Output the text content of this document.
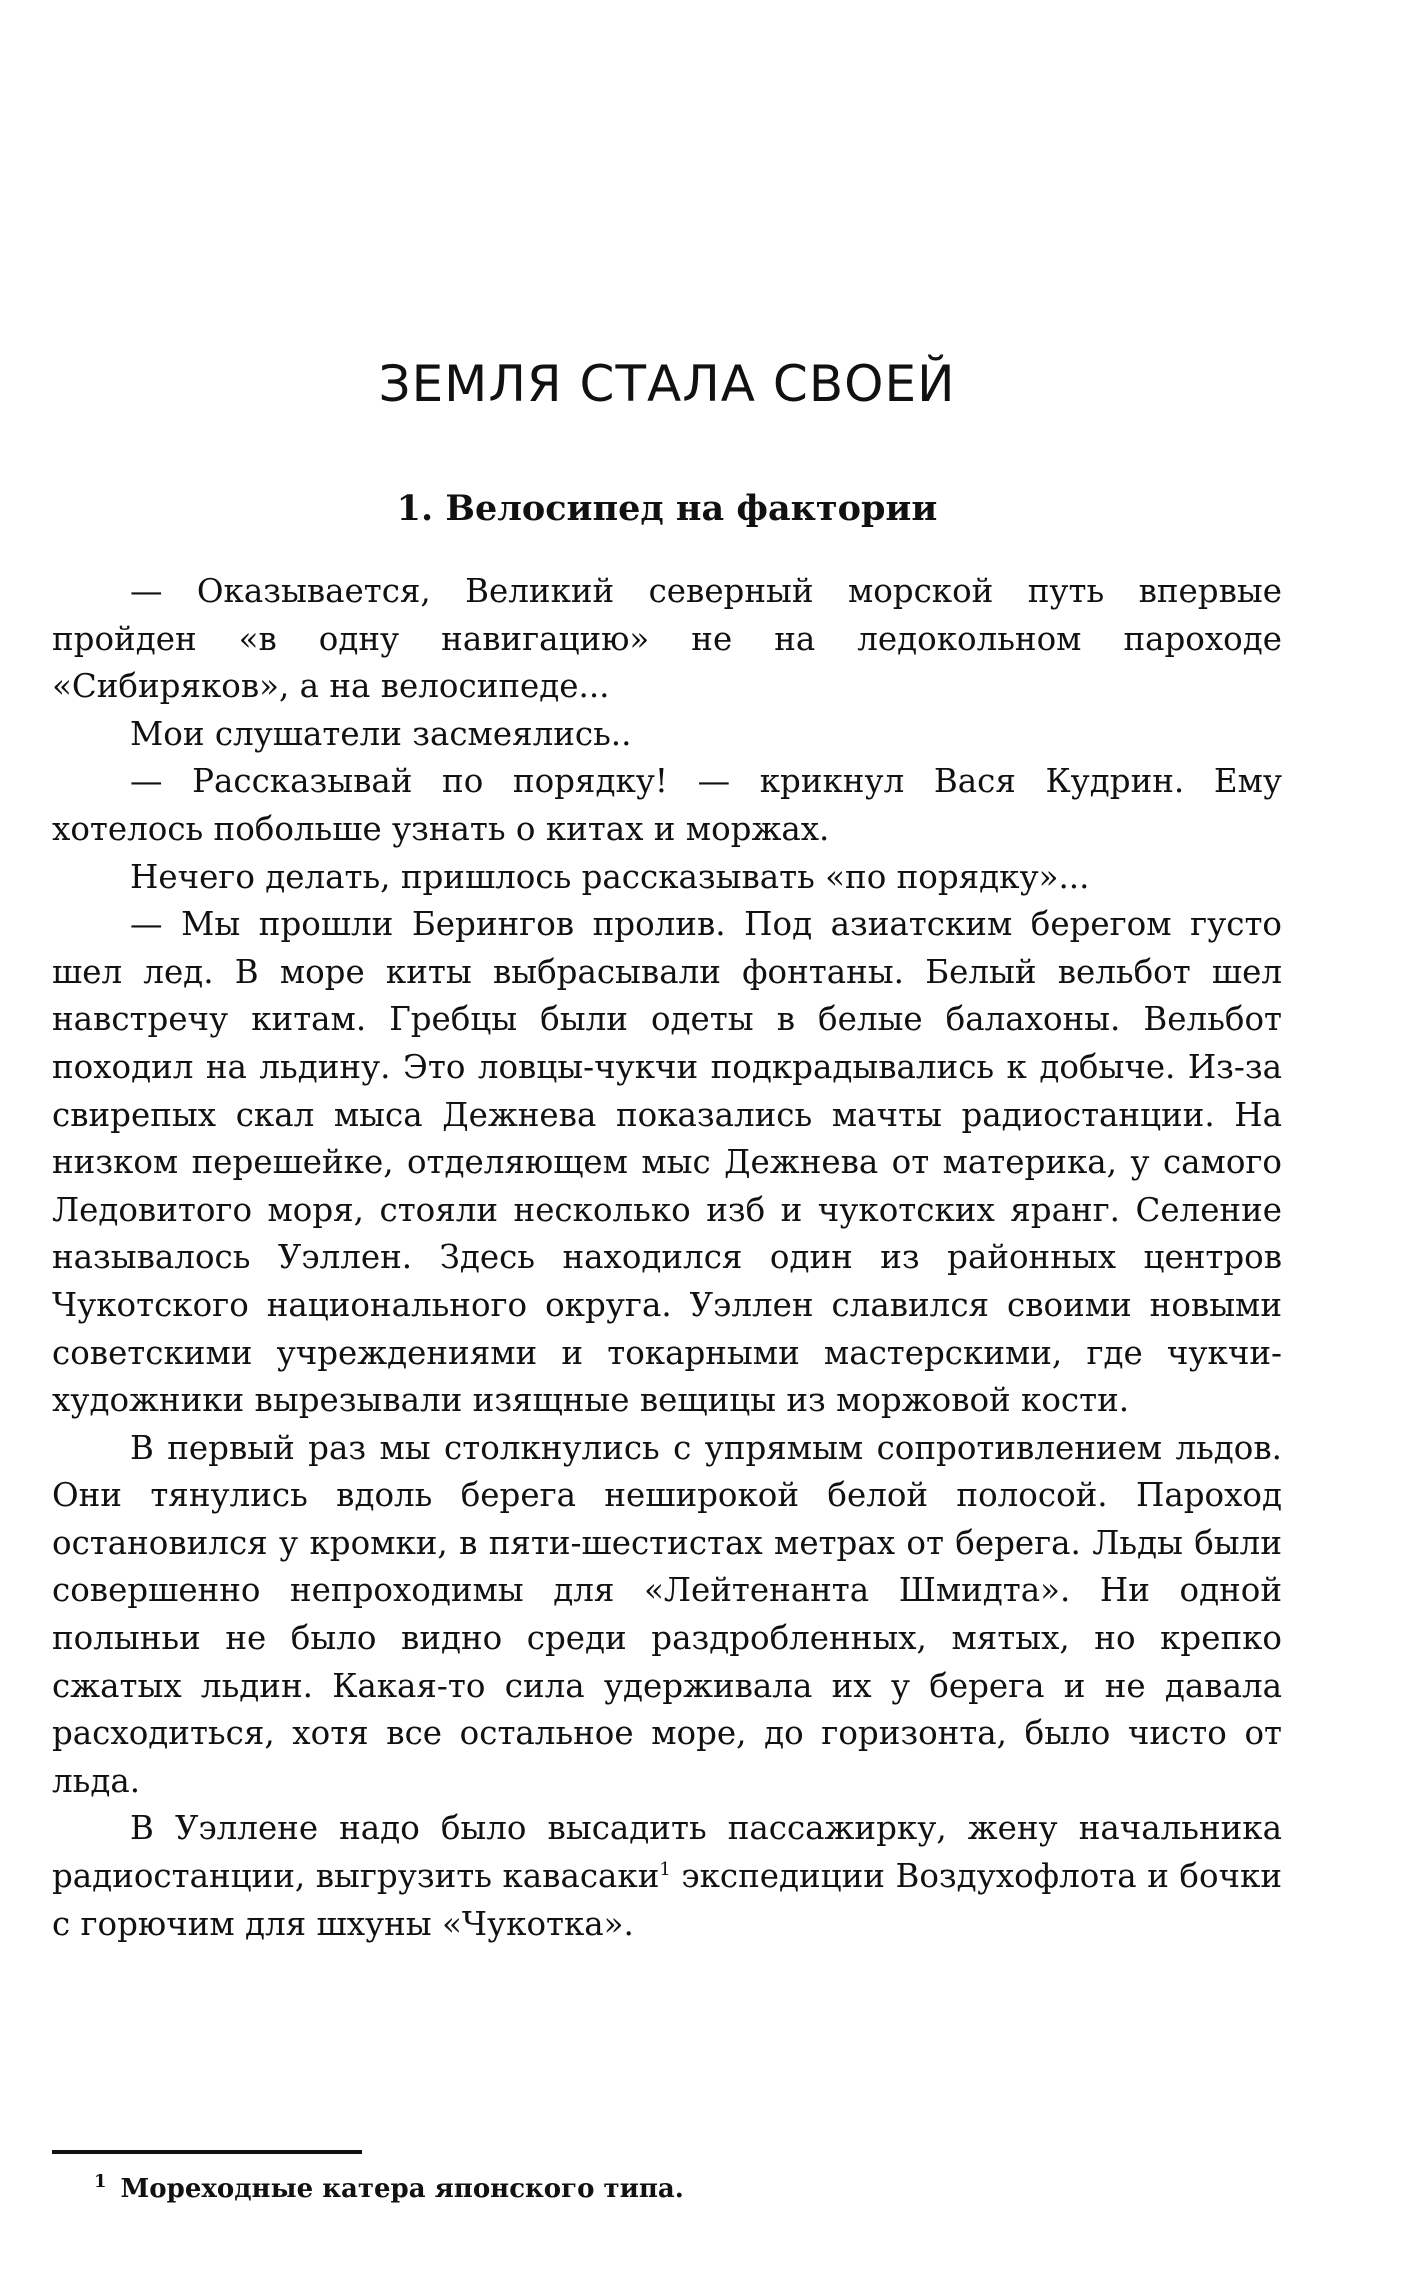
ЗЕМЛЯ СТАЛА СВОЕЙ
1. Велосипед на фактории

— Оказывается, Великий северный морской путь впервые пройден «в одну навигацию» не на ледокольном пароходе «Сибиряков», а на велосипеде...

Мои слушатели засмеялись..

— Рассказывай по порядку! — крикнул Вася Кудрин. Ему хотелось побольше узнать о китах и моржах.

Нечего делать, пришлось рассказывать «по порядку»...

— Мы прошли Берингов пролив. Под азиатским берегом густо шел лед. В море киты выбрасывали фонтаны. Белый вельбот шел навстречу китам. Гребцы были одеты в белые балахоны. Вельбот походил на льдину. Это ловцы-чукчи подкрадывались к добыче. Из-за свирепых скал мыса Дежнева показались мачты радиостанции. На низком перешейке, отделяющем мыс Дежнева от материка, у самого Ледовитого моря, стояли несколько изб и чукотских яранг. Селение называлось Уэллен. Здесь находился один из районных центров Чукотского национального округа. Уэллен славился своими новыми советскими учреждениями и токарными мастерскими, где чукчи-художники вырезывали изящные вещицы из моржовой кости.

В первый раз мы столкнулись с упрямым сопротивлением льдов. Они тянулись вдоль берега неширокой белой полосой. Пароход остановился у кромки, в пяти-шестистах метрах от берега. Льды были совершенно непроходимы для «Лейтенанта Шмидта». Ни одной полыньи не было видно среди раздробленных, мятых, но крепко сжатых льдин. Какая-то сила удерживала их у берега и не давала расходиться, хотя все остальное море, до горизонта, было чисто от льда.

В Уэллене надо было высадить пассажирку, жену начальника радиостанции, выгрузить кавасаки$^1$ экспедиции Воздухофлота и бочки с горючим для шхуны «Чукотка».

$^1$ Мореходные катера японского типа.
